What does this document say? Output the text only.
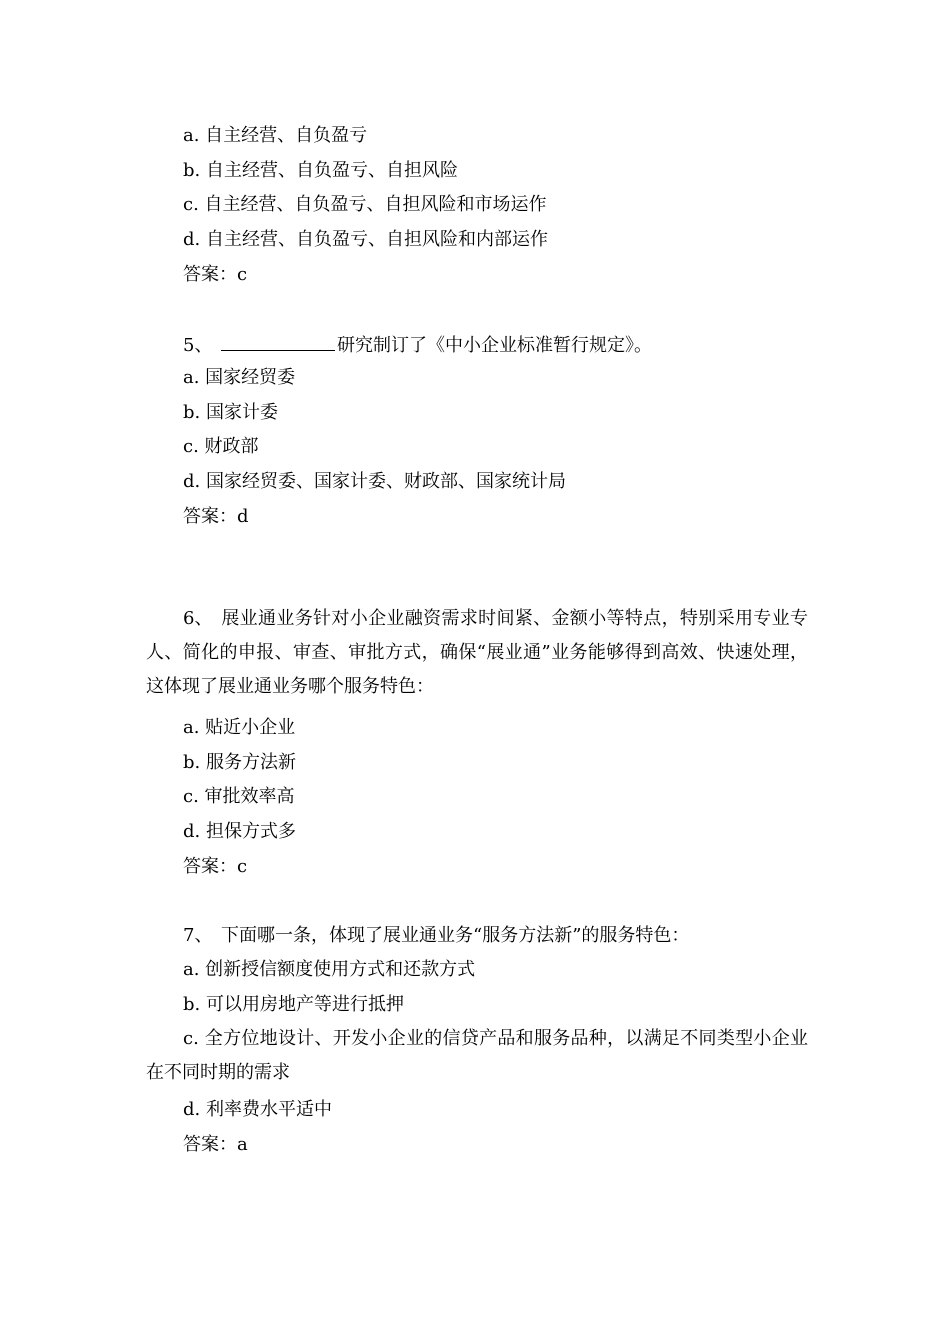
a. 自主经营、自负盈亏
b. 自主经营、自负盈亏、自担风险
c. 自主经营、自负盈亏、自担风险和市场运作
d. 自主经营、自负盈亏、自担风险和内部运作
答案：c
5、	研究制订了《中小企业标准暂行规定》。
a. 国家经贸委
b. 国家计委
c. 财政部
d. 国家经贸委、国家计委、财政部、国家统计局
答案：d
6、 展业通业务针对小企业融资需求时间紧、金额小等特点，特别采用专业专人、简化的申报、审查、审批方式，确保“展业通”业务能够得到高效、快速处理，这体现了展业通业务哪个服务特色：
a. 贴近小企业
b. 服务方法新
c. 审批效率高
d. 担保方式多
答案：c
7、 下面哪一条，体现了展业通业务“服务方法新”的服务特色：
a. 创新授信额度使用方式和还款方式
b. 可以用房地产等进行抵押
c. 全方位地设计、开发小企业的信贷产品和服务品种，以满足不同类型小企业在不同时期的需求
d. 利率费水平适中
答案：a
